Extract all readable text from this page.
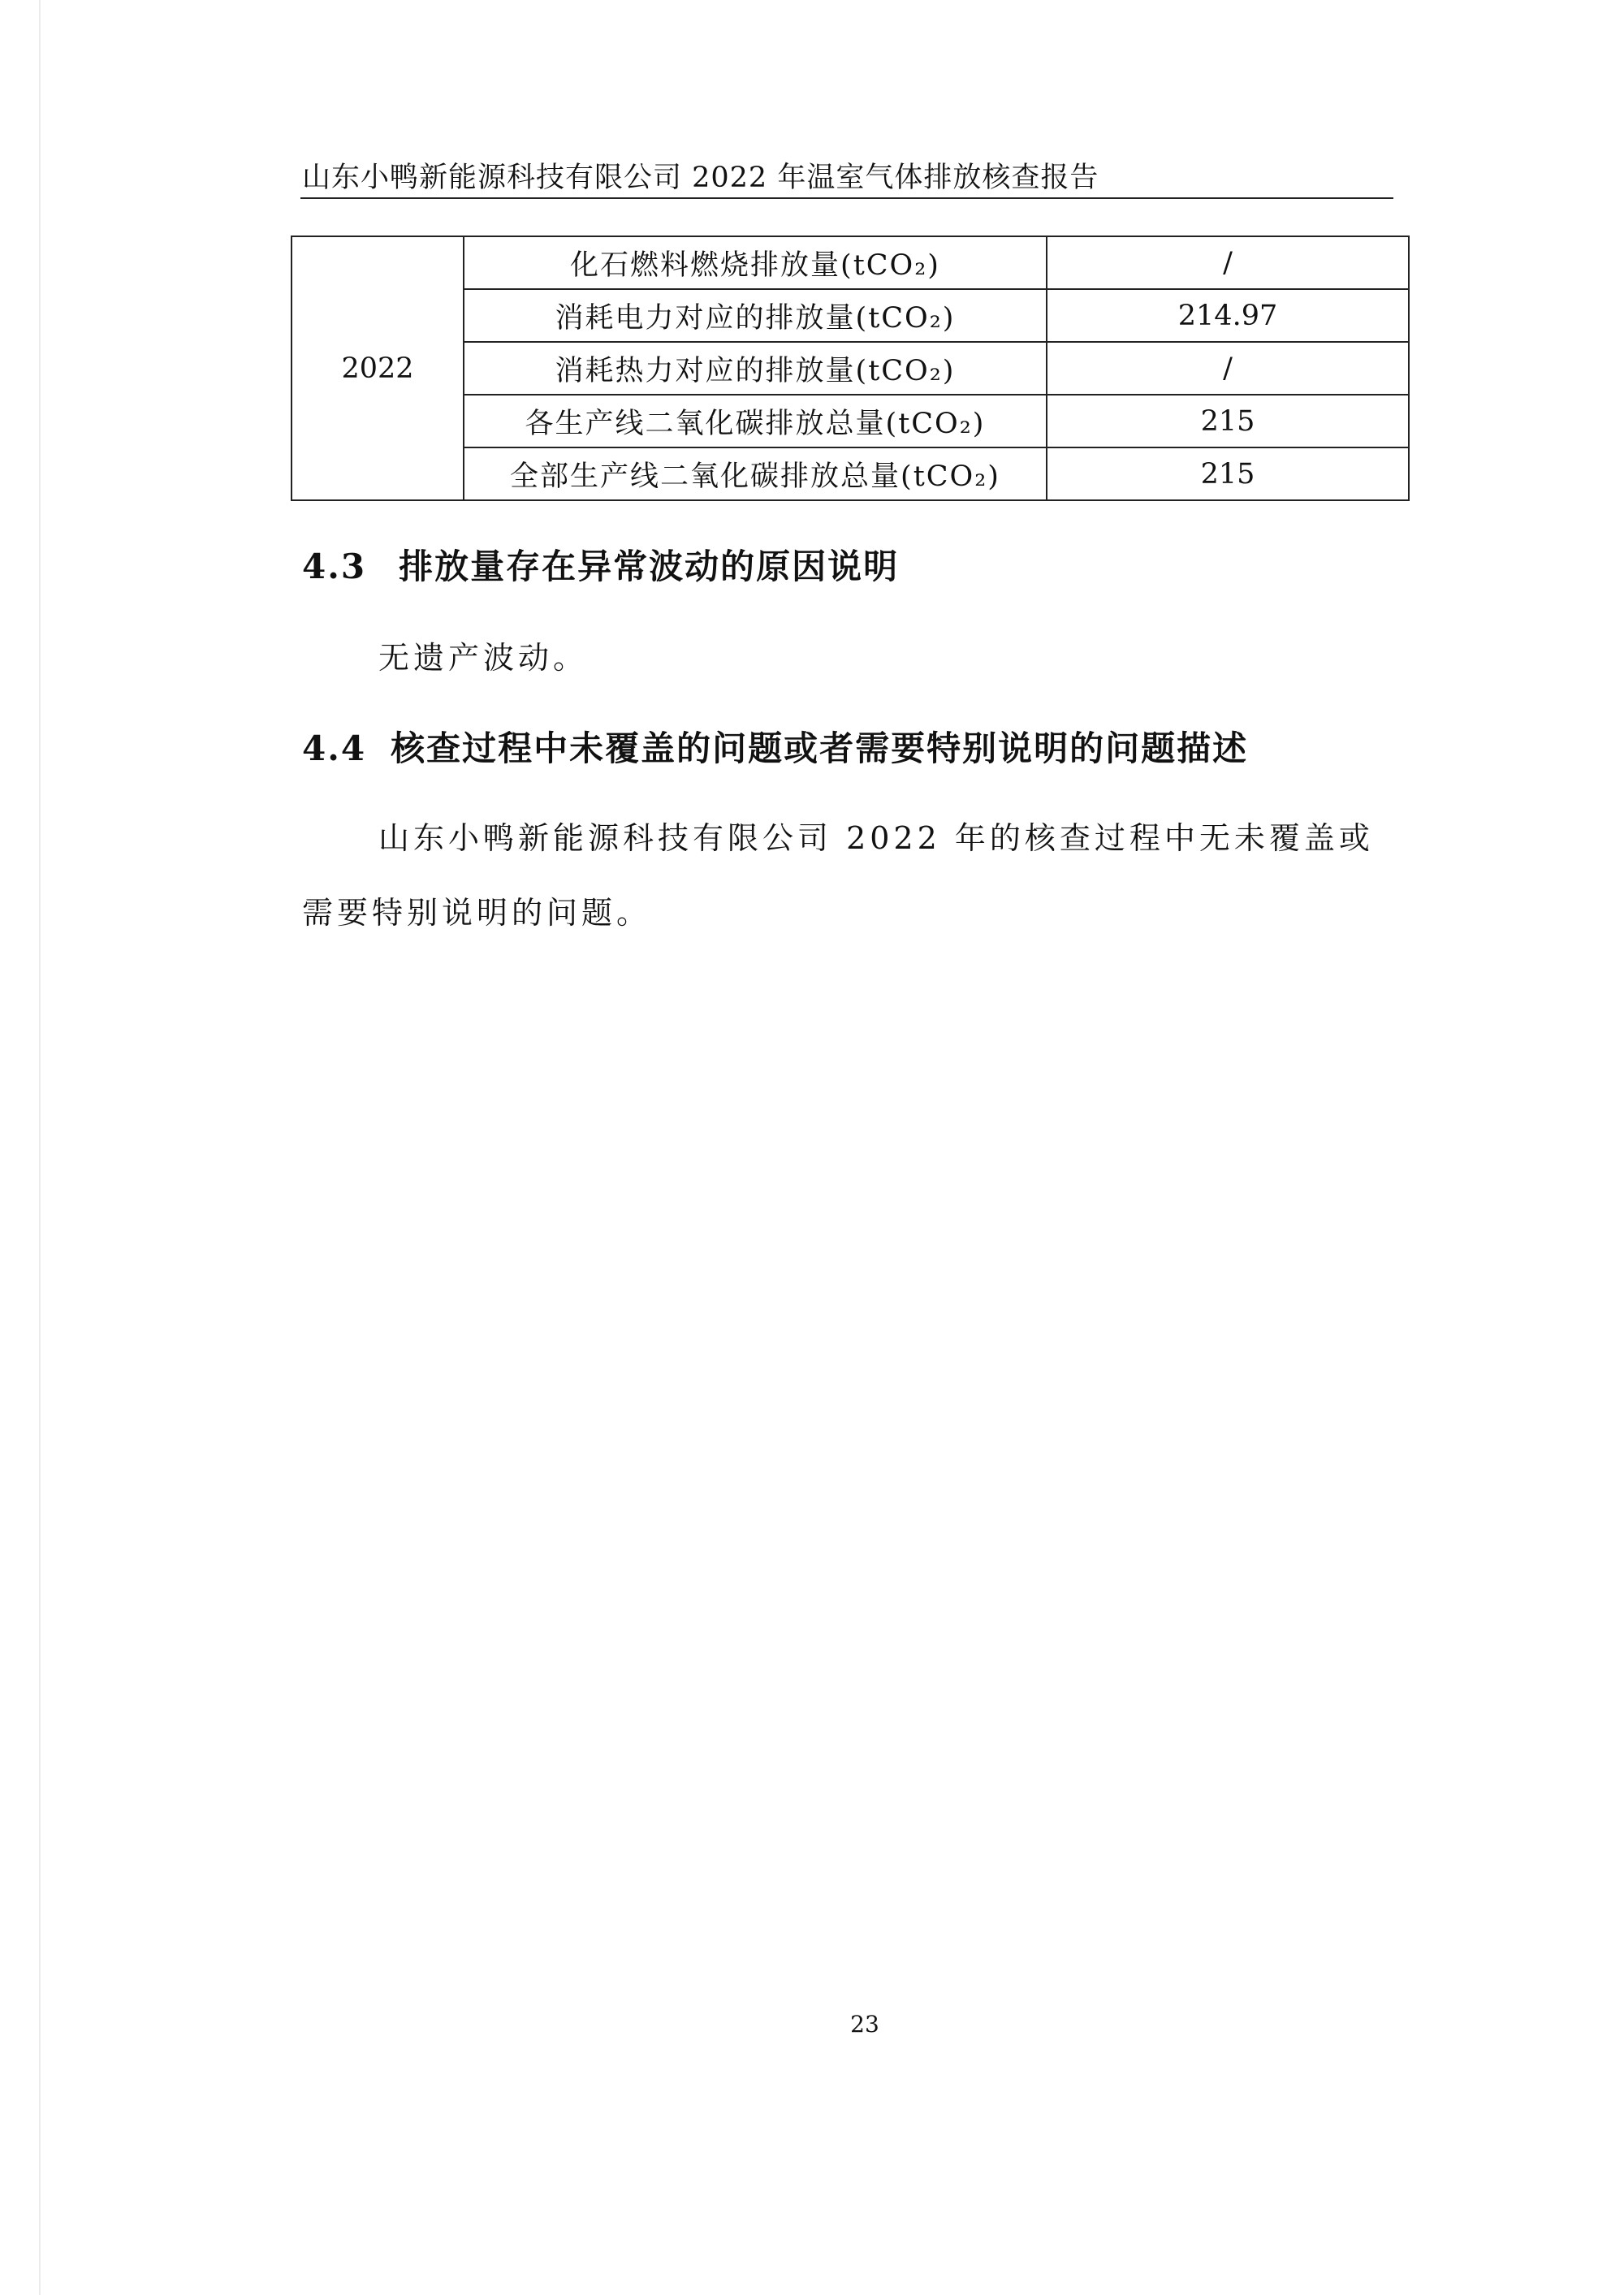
山东小鸭新能源科技有限公司 2022 年温室气体排放核查报告
2022	化石燃料燃烧排放量(tCO₂)	/
	消耗电力对应的排放量(tCO₂)	214.97
	消耗热力对应的排放量(tCO₂)	/
	各生产线二氧化碳排放总量(tCO₂)	215
	全部生产线二氧化碳排放总量(tCO₂)	215
4.3 排放量存在异常波动的原因说明
无遗产波动。
4.4 核查过程中未覆盖的问题或者需要特别说明的问题描述
山东小鸭新能源科技有限公司 2022 年的核查过程中无未覆盖或
需要特别说明的问题。
23
